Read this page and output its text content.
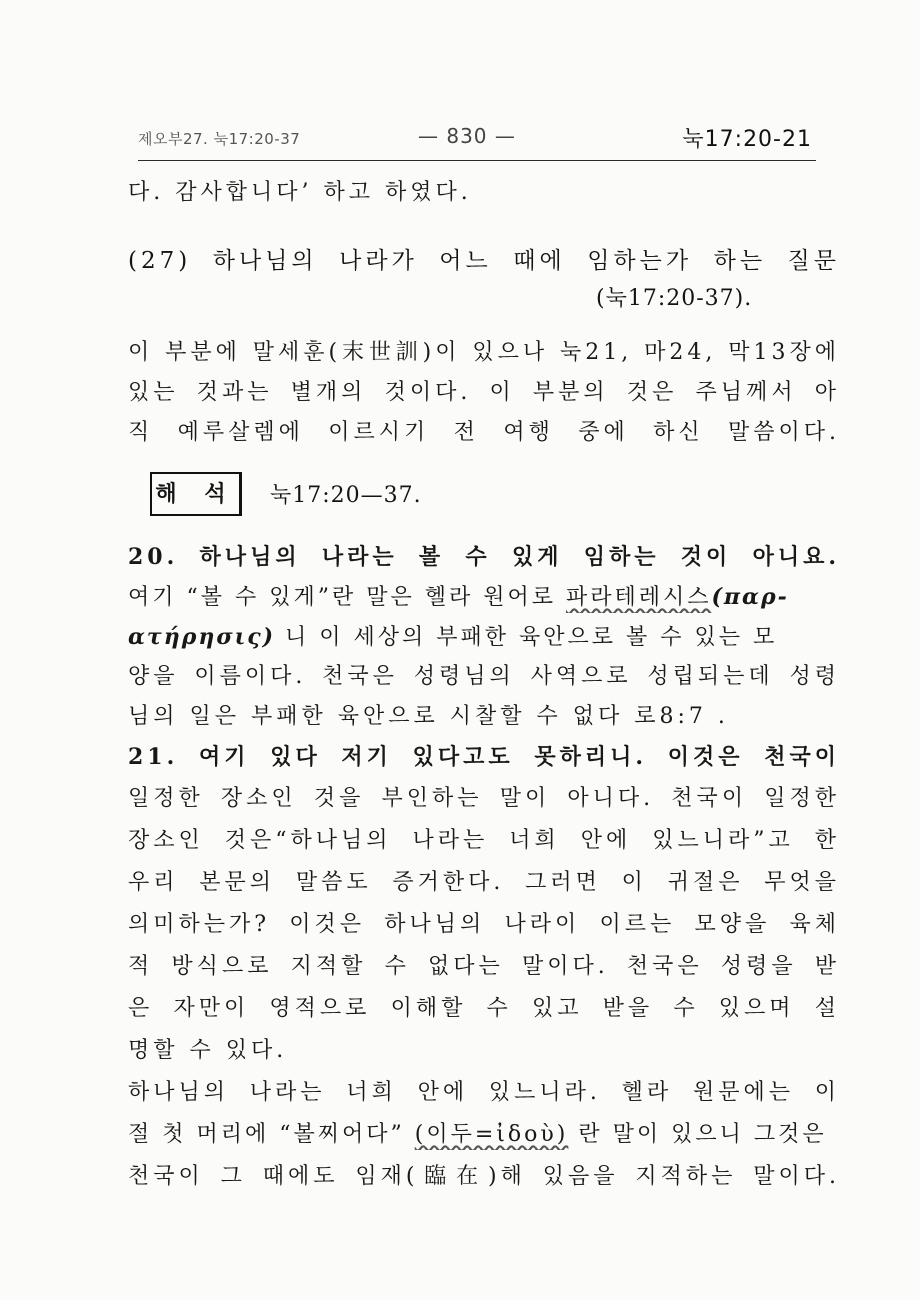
제오부27. 눅17:20-37	— 830 —	눅17:20-21
다. 감사합니다’ 하고 하였다.
(27) 하나님의 나라가 어느 때에 임하는가 하는 질문
(눅17:20-37).
이 부분에 말세훈(末世訓)이 있으나 눅21, 마24, 막13장에
있는 것과는 별개의 것이다. 이 부분의 것은 주님께서 아
직 예루살렘에 이르시기 전 여행 중에 하신 말씀이다.
해 석 눅17:20—37.
20. 하나님의 나라는 볼 수 있게 임하는 것이 아니요.
여기 “볼 수 있게”란 말은 헬라 원어로 파라테레시스(παρ-
ατήρησις) 니 이 세상의 부패한 육안으로 볼 수 있는 모
양을 이름이다. 천국은 성령님의 사역으로 성립되는데 성령
님의 일은 부패한 육안으로 시찰할 수 없다 로8:7 .
21. 여기 있다 저기 있다고도 못하리니. 이것은 천국이
일정한 장소인 것을 부인하는 말이 아니다. 천국이 일정한
장소인 것은“하나님의 나라는 너희 안에 있느니라”고 한
우리 본문의 말씀도 증거한다. 그러면 이 귀절은 무엇을
의미하는가? 이것은 하나님의 나라이 이르는 모양을 육체
적 방식으로 지적할 수 없다는 말이다. 천국은 성령을 받
은 자만이 영적으로 이해할 수 있고 받을 수 있으며 설
명할 수 있다.
하나님의 나라는 너희 안에 있느니라. 헬라 원문에는 이
절 첫 머리에 “볼찌어다” (이두=ἰδοὺ) 란 말이 있으니 그것은
천국이 그 때에도 임재(臨在)해 있음을 지적하는 말이다.
